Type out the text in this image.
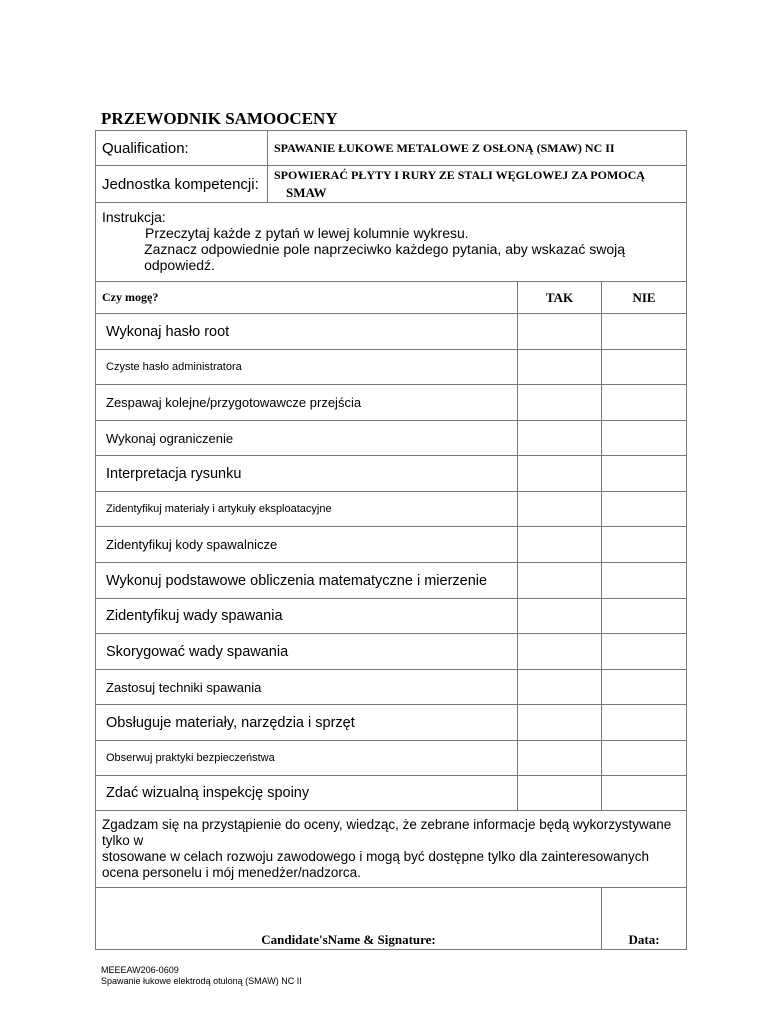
PRZEWODNIK SAMOOCENY
Qualification:	SPAWANIE ŁUKOWE METALOWE Z OSŁONĄ (SMAW) NC II		
Jednostka kompetencji:	SPOWIERAĆ PŁYTY I RURY ZE STALI WĘGLOWEJ ZA POMOCĄ
SMAW		

Instrukcja:
Przeczytaj każde z pytań w lewej kolumnie wykresu.
Zaznacz odpowiednie pole naprzeciwko każdego pytania, aby wskazać swoją odpowiedź.			

Czy mogę?		TAK	NIE
Wykonaj hasło root			
Czyste hasło administratora			
Zespawaj kolejne/przygotowawcze przejścia			
Wykonaj ograniczenie			
Interpretacja rysunku			
Zidentyfikuj materiały i artykuły eksploatacyjne			
Zidentyfikuj kody spawalnicze			
Wykonuj podstawowe obliczenia matematyczne i mierzenie			
Zidentyfikuj wady spawania			
Skorygować wady spawania			
Zastosuj techniki spawania			
Obsługuje materiały, narzędzia i sprzęt			
Obserwuj praktyki bezpieczeństwa			
Zdać wizualną inspekcję spoiny			

Zgadzam się na przystąpienie do oceny, wiedząc, że zebrane informacje będą wykorzystywane tylko w
stosowane w celach rozwoju zawodowego i mogą być dostępne tylko dla zainteresowanych
ocena personelu i mój menedżer/nadzorca.			

Candidate'sName & Signature:			Data:
MEEEAW206-0609
Spawanie łukowe elektrodą otuloną (SMAW) NC II
